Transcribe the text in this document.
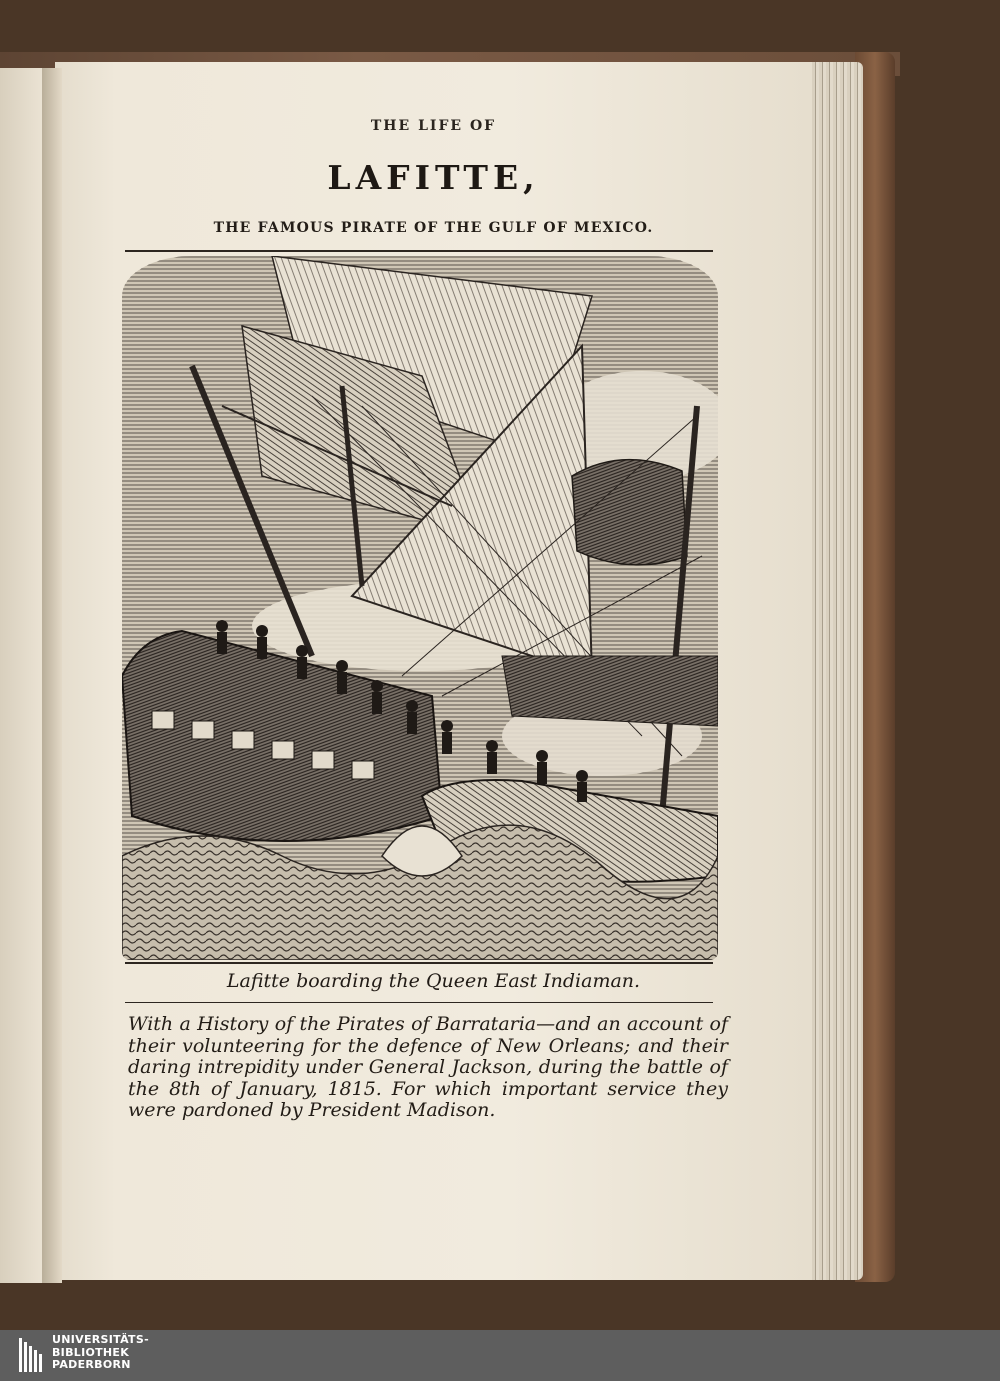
THE LIFE OF
LAFITTE,
THE FAMOUS PIRATE OF THE GULF OF MEXICO.
Lafitte boarding the Queen East Indiaman.
With a History of the Pirates of Barrataria—and an account of their volunteering for the defence of New Orleans; and their daring intrepidity under General Jackson, during the battle of the 8th of January, 1815. For which important service they were pardoned by President Madison.
UNIVERSITÄTS-
BIBLIOTHEK
PADERBORN
